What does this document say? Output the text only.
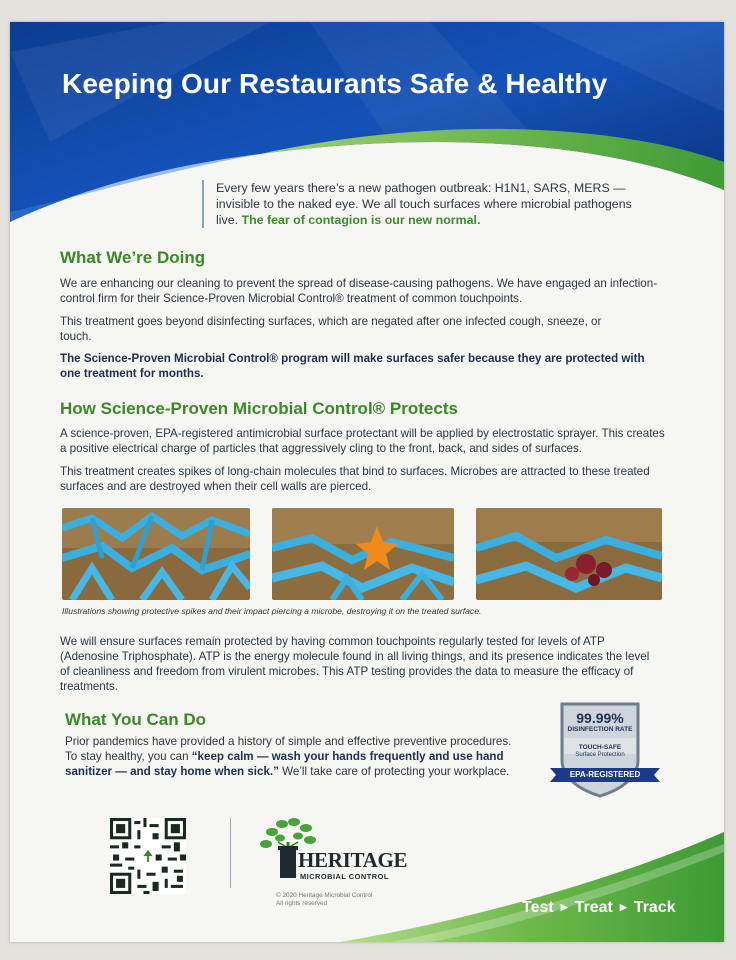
Keeping Our Restaurants Safe & Healthy
Every few years there’s a new pathogen outbreak: H1N1, SARS, MERS — invisible to the naked eye. We all touch surfaces where microbial pathogens live. The fear of contagion is our new normal.
What We’re Doing

We are enhancing our cleaning to prevent the spread of disease-causing pathogens. We have engaged an infection-control firm for their Science-Proven Microbial Control® treatment of common touchpoints.

This treatment goes beyond disinfecting surfaces, which are negated after one infected cough, sneeze, or touch.

The Science-Proven Microbial Control® program will make surfaces safer because they are protected with one treatment for months.

How Science-Proven Microbial Control® Protects

A science-proven, EPA-registered antimicrobial surface protectant will be applied by electrostatic sprayer. This creates a positive electrical charge of particles that aggressively cling to the front, back, and sides of surfaces.

This treatment creates spikes of long-chain molecules that bind to surfaces. Microbes are attracted to these treated surfaces and are destroyed when their cell walls are pierced.

Illustrations showing protective spikes and their impact piercing a microbe, destroying it on the treated surface.

We will ensure surfaces remain protected by having common touchpoints regularly tested for levels of ATP (Adenosine Triphosphate). ATP is the energy molecule found in all living things, and its presence indicates the level of cleanliness and freedom from virulent microbes. This ATP testing provides the data to measure the efficacy of treatments.

What You Can Do

Prior pandemics have provided a history of simple and effective preventive procedures. To stay healthy, you can “keep calm — wash your hands frequently and use hand sanitizer — and stay home when sick.” We’ll take care of protecting your workplace.

99.99%
DISINFECTION RATE
TOUCH-SAFE
Surface Protection
EPA-REGISTERED

HERITAGE

MICROBIAL CONTROL

© 2020 Heritage Microbial Control
All rights reserved	Test ▶ Treat ▶ Track
